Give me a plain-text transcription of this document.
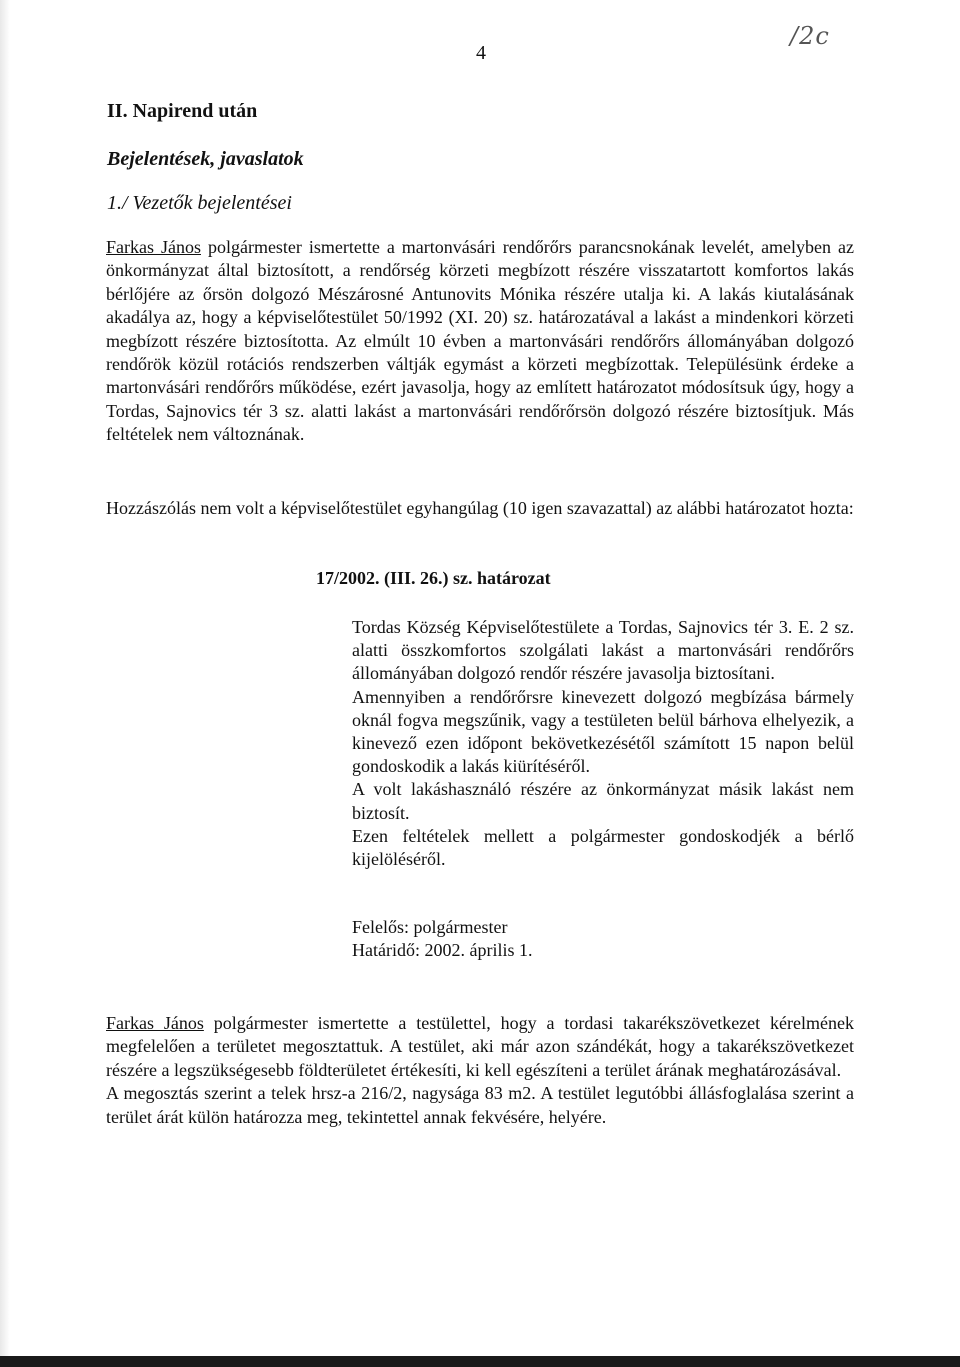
4
/2c
II. Napirend után
Bejelentések, javaslatok
1./ Vezetők bejelentései

Farkas János polgármester ismertette a martonvásári rendőrőrs parancsnokának levelét, amelyben az önkormányzat által biztosított, a rendőrség körzeti megbízott részére visszatartott komfortos lakás bérlőjére az őrsön dolgozó Mészárosné Antunovits Mónika részére utalja ki. A lakás kiutalásának akadálya az, hogy a képviselőtestület 50/1992 (XI. 20) sz. határozatával a lakást a mindenkori körzeti megbízott részére biztosította. Az elmúlt 10 évben a martonvásári rendőrőrs állományában dolgozó rendőrök közül rotációs rendszerben váltják egymást a körzeti megbízottak. Településünk érdeke a martonvásári rendőrőrs működése, ezért javasolja, hogy az említett határozatot módosítsuk úgy, hogy a Tordas, Sajnovics tér 3 sz. alatti lakást a martonvásári rendőrőrsön dolgozó részére biztosítjuk. Más feltételek nem változnának.

Hozzászólás nem volt a képviselőtestület egyhangúlag (10 igen szavazattal) az alábbi határozatot hozta:

17/2002. (III. 26.) sz. határozat

Tordas Község Képviselőtestülete a Tordas, Sajnovics tér 3. E. 2 sz. alatti összkomfortos szolgálati lakást a martonvásári rendőrőrs állományában dolgozó rendőr részére javasolja biztosítani.

Amennyiben a rendőrőrsre kinevezett dolgozó megbízása bármely oknál fogva megszűnik, vagy a testületen belül bárhova elhelyezik, a kinevező ezen időpont bekövetkezésétől számított 15 napon belül gondoskodik a lakás kiürítéséről.

A volt lakáshasználó részére az önkormányzat másik lakást nem biztosít.

Ezen feltételek mellett a polgármester gondoskodjék a bérlő kijelöléséről.

Felelős: polgármester
Határidő: 2002. április 1.

Farkas János polgármester ismertette a testülettel, hogy a tordasi takarékszövetkezet kérelmének megfelelően a területet megosztattuk. A testület, aki már azon szándékát, hogy a takarékszövetkezet részére a legszükségesebb földterületet értékesíti, ki kell egészíteni a terület árának meghatározásával.

A megosztás szerint a telek hrsz-a 216/2, nagysága 83 m2. A testület legutóbbi állásfoglalása szerint a terület árát külön határozza meg, tekintettel annak fekvésére, helyére.
